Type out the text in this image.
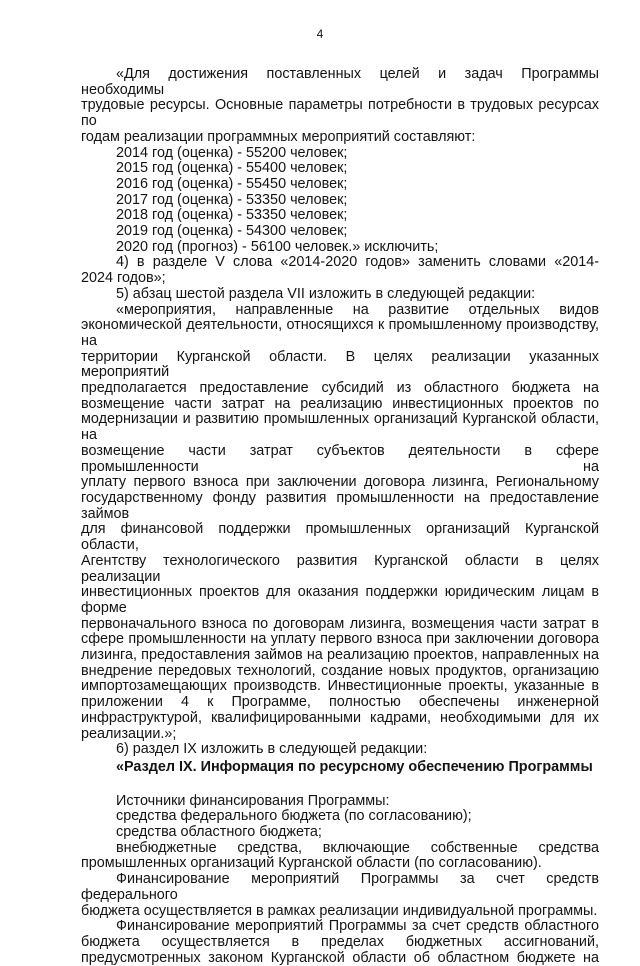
4

«Для достижения поставленных целей и задач Программы необходимы

трудовые ресурсы. Основные параметры потребности в трудовых ресурсах по

годам реализации программных мероприятий составляют:

2014 год (оценка) - 55200 человек;

2015 год (оценка) - 55400 человек;

2016 год (оценка) - 55450 человек;

2017 год (оценка) - 53350 человек;

2018 год (оценка) - 53350 человек;

2019 год (оценка) - 54300 человек;

2020 год (прогноз) - 56100 человек.» исключить;

4) в разделе V слова «2014-2020 годов» заменить словами «2014-

2024 годов»;

5) абзац шестой раздела VII изложить в следующей редакции:

«мероприятия, направленные на развитие отдельных видов

экономической деятельности, относящихся к промышленному производству, на

территории Курганской области. В целях реализации указанных мероприятий

предполагается предоставление субсидий из областного бюджета на

возмещение части затрат на реализацию инвестиционных проектов по

модернизации и развитию промышленных организаций Курганской области, на

возмещение части затрат субъектов деятельности в сфере промышленности на

уплату первого взноса при заключении договора лизинга, Региональному

государственному фонду развития промышленности на предоставление займов

для финансовой поддержки промышленных организаций Курганской области,

Агентству технологического развития Курганской области в целях реализации

инвестиционных проектов для оказания поддержки юридическим лицам в форме

первоначального взноса по договорам лизинга, возмещения части затрат в

сфере промышленности на уплату первого взноса при заключении договора

лизинга, предоставления займов на реализацию проектов, направленных на

внедрение передовых технологий, создание новых продуктов, организацию

импортозамещающих производств. Инвестиционные проекты, указанные в

приложении 4 к Программе, полностью обеспечены инженерной

инфраструктурой, квалифицированными кадрами, необходимыми для их

реализации.»;

6) раздел IX изложить в следующей редакции:

«Раздел IX. Информация по ресурсному обеспечению Программы

Источники финансирования Программы:

средства федерального бюджета (по согласованию);

средства областного бюджета;

внебюджетные средства, включающие собственные средства

промышленных организаций Курганской области (по согласованию).

Финансирование мероприятий Программы за счет средств федерального

бюджета осуществляется в рамках реализации индивидуальной программы.

Финансирование мероприятий Программы за счет средств областного

бюджета осуществляется в пределах бюджетных ассигнований,

предусмотренных законом Курганской области об областном бюджете на
